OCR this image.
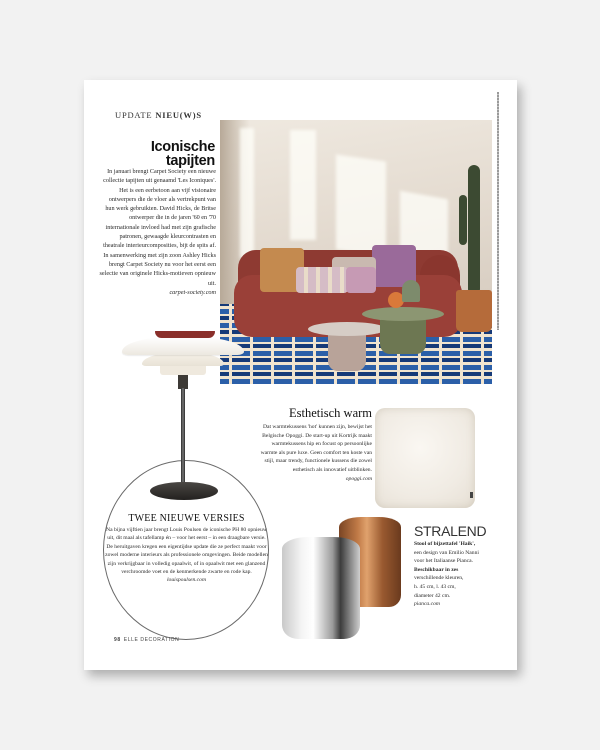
UPDATE NIEU(W)S
Iconische
tapijten
In januari brengt Carpet Society een nieuwe collectie tapijten uit genaamd 'Les Iconiques'. Het is een eerbetoon aan vijf visionaire ontwerpers die de vloer als vertrekpunt van hun werk gebruikten. David Hicks, de Britse ontwerper die in de jaren '60 en '70 internationale invloed had met zijn grafische patronen, gewaagde kleurcontrasten en theatrale interieurcomposities, bijt de spits af. In samenwerking met zijn zoon Ashley Hicks brengt Carpet Society nu voor het eerst een selectie van originele Hicks-motieven opnieuw uit.
carpet-society.com
TWEE NIEUWE VERSIES
Na bijna vijftien jaar brengt Louis Poulsen de iconische PH 80 opnieuw uit, dit maal als tafellamp én – voor het eerst – in een draagbare versie. De heruitgaven kregen een eigentijdse update die ze perfect maakt voor zowel moderne interieurs als professionele omgevingen. Beide modellen zijn verkrijgbaar in volledig opaalwit, of in opaalwit met een glanzend verchroomde voet en de kenmerkende zwarte en rode kap.
louispoulsen.com
Esthetisch warm
Dat warmtekussens 'hot' kunnen zijn, bewijst het Belgische Opoggi. De start-up uit Kortrijk maakt warmtekussens hip en focust op persoonlijke warmte als pure luxe. Geen comfort ten koste van stijl, maar trendy, functionele kussens die zowel esthetisch als innovatief uitblinken.
opoggi.com
STRALEND
Stool of bijzettafel 'Haik',
een design van Emilio Nanni
voor het Italiaanse Pianca.
Beschikbaar in zes
verschillende kleuren,
h. 45 cm, l. 43 cm,
diameter 42 cm.

pianca.com
98 ELLE DECORATION
